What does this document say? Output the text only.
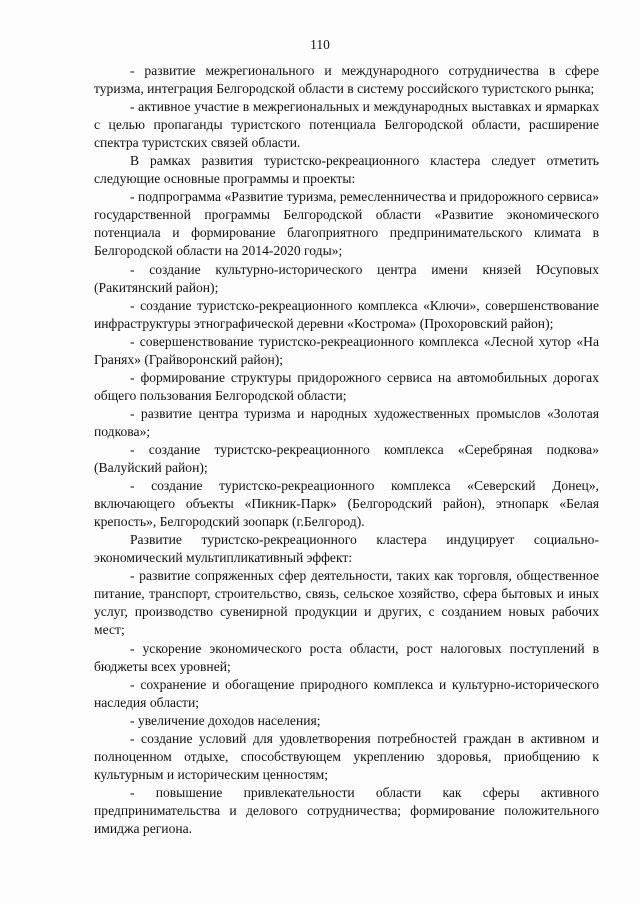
110

- развитие межрегионального и международного сотрудничества в сфере туризма, интеграция Белгородской области в систему российского туристского рынка;

- активное участие в межрегиональных и международных выставках и ярмарках с целью пропаганды туристского потенциала Белгородской области, расширение спектра туристских связей области.

В рамках развития туристско-рекреационного кластера следует отметить следующие основные программы и проекты:

- подпрограмма «Развитие туризма, ремесленничества и придорожного сервиса» государственной программы Белгородской области «Развитие экономического потенциала и формирование благоприятного предпринимательского климата в Белгородской области на 2014-2020 годы»;

- создание культурно-исторического центра имени князей Юсуповых (Ракитянский район);

- создание туристско-рекреационного комплекса «Ключи», совершенствование инфраструктуры этнографической деревни «Кострома» (Прохоровский район);

- совершенствование туристско-рекреационного комплекса «Лесной хутор «На Гранях» (Грайворонский район);

- формирование структуры придорожного сервиса на автомобильных дорогах общего пользования Белгородской области;

- развитие центра туризма и народных художественных промыслов «Золотая подкова»;

- создание туристско-рекреационного комплекса «Серебряная подкова» (Валуйский район);

- создание туристско-рекреационного комплекса «Северский Донец», включающего объекты «Пикник-Парк» (Белгородский район), этнопарк «Белая крепость», Белгородский зоопарк (г.Белгород).

Развитие туристско-рекреационного кластера индуцирует социально-экономический мультипликативный эффект:

- развитие сопряженных сфер деятельности, таких как торговля, общественное питание, транспорт, строительство, связь, сельское хозяйство, сфера бытовых и иных услуг, производство сувенирной продукции и других, с созданием новых рабочих мест;

- ускорение экономического роста области, рост налоговых поступлений в бюджеты всех уровней;

- сохранение и обогащение природного комплекса и культурно-исторического наследия области;

- увеличение доходов населения;

- создание условий для удовлетворения потребностей граждан в активном и полноценном отдыхе, способствующем укреплению здоровья, приобщению к культурным и историческим ценностям;

- повышение привлекательности области как сферы активного предпринимательства и делового сотрудничества; формирование положительного имиджа региона.
